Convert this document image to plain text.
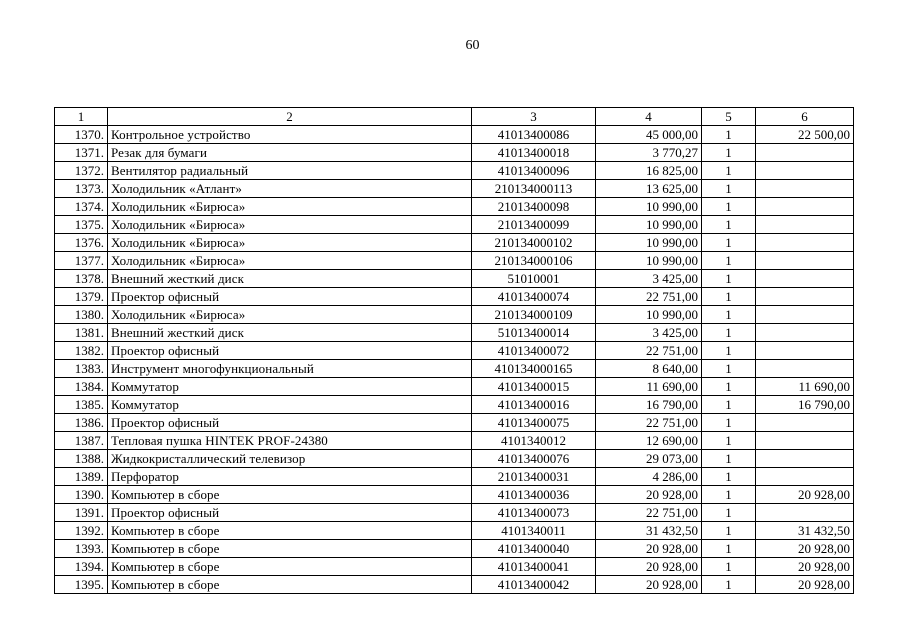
60
1	2	3	4	5	6
1370.	Контрольное устройство	41013400086	45 000,00	1	22 500,00
1371.	Резак для бумаги	41013400018	3 770,27	1	
1372.	Вентилятор радиальный	41013400096	16 825,00	1	
1373.	Холодильник «Атлант»	210134000113	13 625,00	1	
1374.	Холодильник «Бирюса»	21013400098	10 990,00	1	
1375.	Холодильник «Бирюса»	21013400099	10 990,00	1	
1376.	Холодильник «Бирюса»	210134000102	10 990,00	1	
1377.	Холодильник «Бирюса»	210134000106	10 990,00	1	
1378.	Внешний жесткий диск	51010001	3 425,00	1	
1379.	Проектор офисный	41013400074	22 751,00	1	
1380.	Холодильник «Бирюса»	210134000109	10 990,00	1	
1381.	Внешний жесткий диск	51013400014	3 425,00	1	
1382.	Проектор офисный	41013400072	22 751,00	1	
1383.	Инструмент многофункциональный	410134000165	8 640,00	1	
1384.	Коммутатор	41013400015	11 690,00	1	11 690,00
1385.	Коммутатор	41013400016	16 790,00	1	16 790,00
1386.	Проектор офисный	41013400075	22 751,00	1	
1387.	Тепловая пушка HINTEK PROF-24380	4101340012	12 690,00	1	
1388.	Жидкокристаллический телевизор	41013400076	29 073,00	1	
1389.	Перфоратор	21013400031	4 286,00	1	
1390.	Компьютер в сборе	41013400036	20 928,00	1	20 928,00
1391.	Проектор офисный	41013400073	22 751,00	1	
1392.	Компьютер в сборе	4101340011	31 432,50	1	31 432,50
1393.	Компьютер в сборе	41013400040	20 928,00	1	20 928,00
1394.	Компьютер в сборе	41013400041	20 928,00	1	20 928,00
1395.	Компьютер в сборе	41013400042	20 928,00	1	20 928,00
